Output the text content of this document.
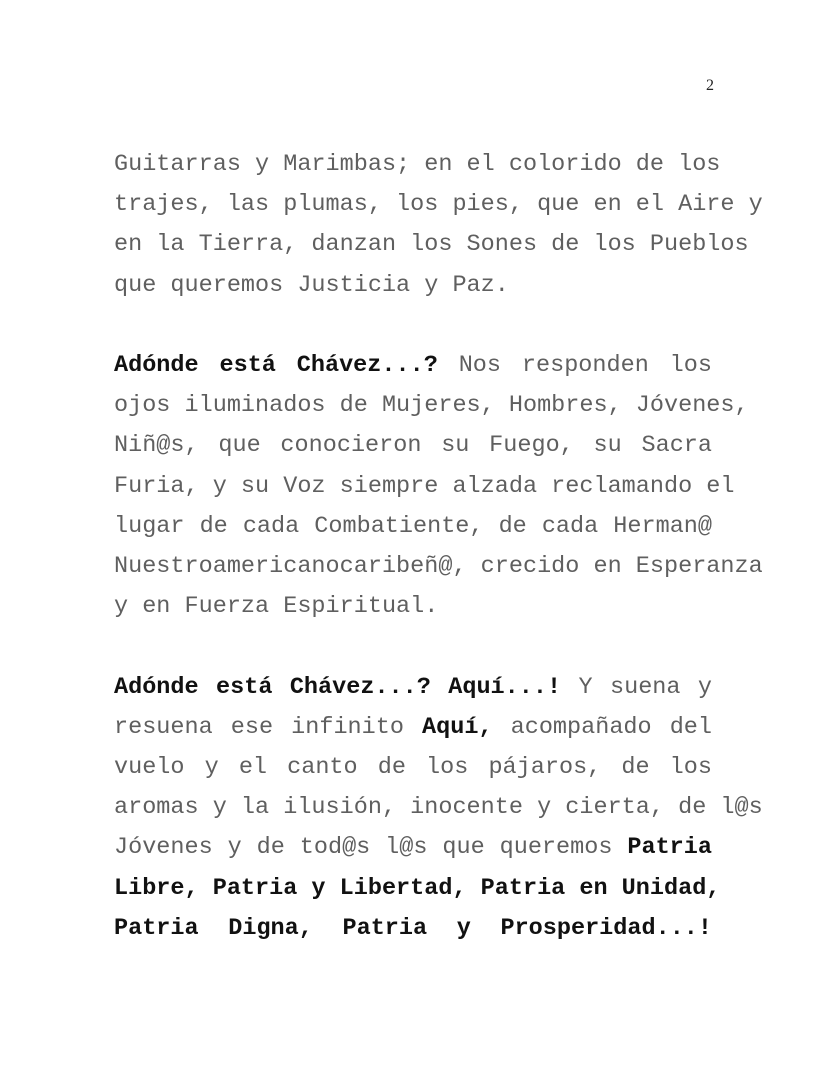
2
Guitarras y Marimbas; en el colorido de los
trajes, las plumas, los pies, que en el Aire y
en la Tierra, danzan los Sones de los Pueblos
que queremos Justicia y Paz.
Adónde está Chávez...? Nos responden los
ojos iluminados de Mujeres, Hombres, Jóvenes,
Niñ@s, que conocieron su Fuego, su Sacra
Furia, y su Voz siempre alzada reclamando el
lugar de cada Combatiente, de cada Herman@
Nuestroamericanocaribeñ@, crecido en Esperanza
y en Fuerza Espiritual.
Adónde está Chávez...? Aquí...! Y suena y
resuena ese infinito Aquí, acompañado del
vuelo y el canto de los pájaros, de los
aromas y la ilusión, inocente y cierta, de l@s
Jóvenes y de tod@s l@s que queremos Patria
Libre, Patria y Libertad, Patria en Unidad,
Patria Digna, Patria y Prosperidad...!
